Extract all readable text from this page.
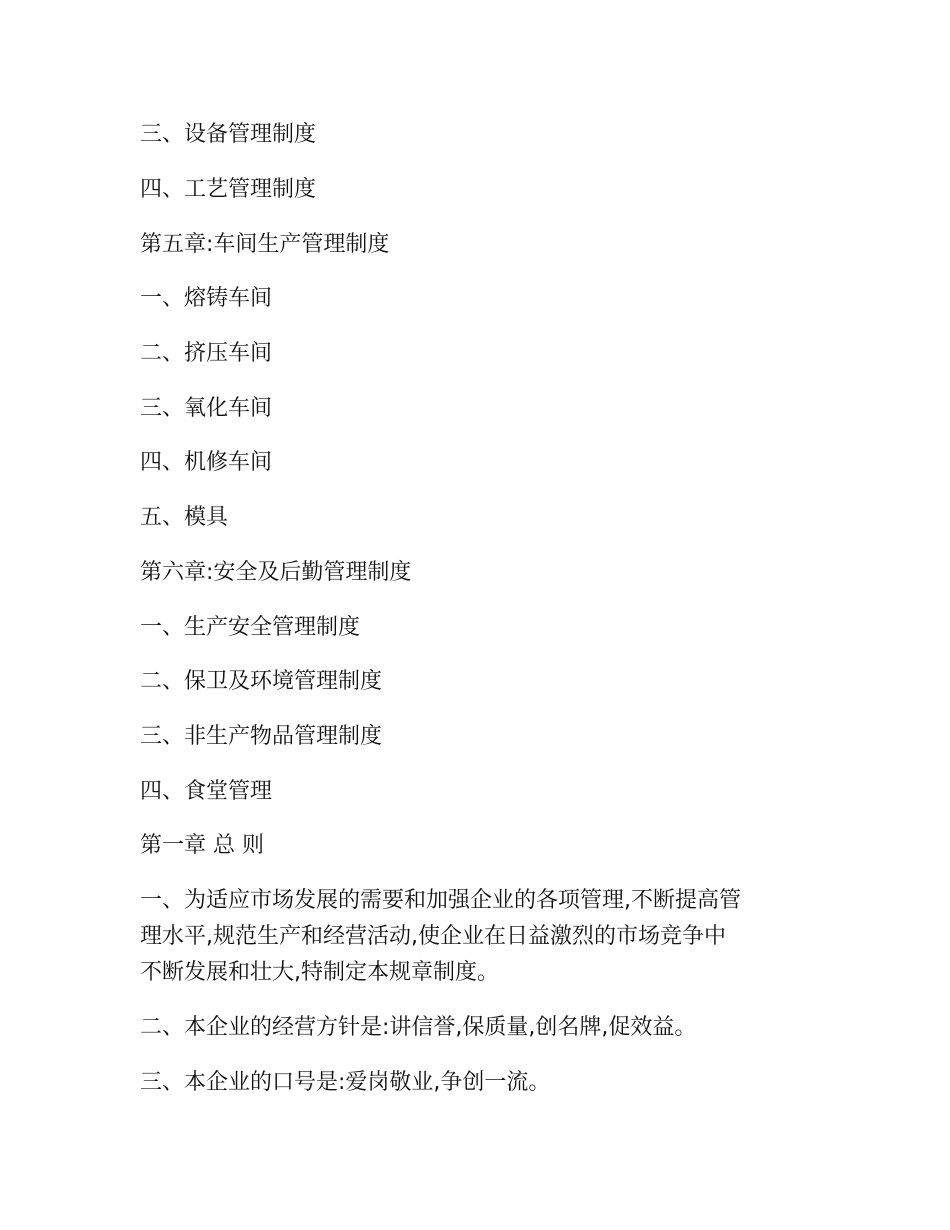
三、设备管理制度
四、工艺管理制度
第五章:车间生产管理制度
一、熔铸车间
二、挤压车间
三、氧化车间
四、机修车间
五、模具
第六章:安全及后勤管理制度
一、生产安全管理制度
二、保卫及环境管理制度
三、非生产物品管理制度
四、食堂管理
第一章 总 则
一、为适应市场发展的需要和加强企业的各项管理,不断提高管
理水平,规范生产和经营活动,使企业在日益激烈的市场竞争中
不断发展和壮大,特制定本规章制度。
二、本企业的经营方针是:讲信誉,保质量,创名牌,促效益。
三、本企业的口号是:爱岗敬业,争创一流。
